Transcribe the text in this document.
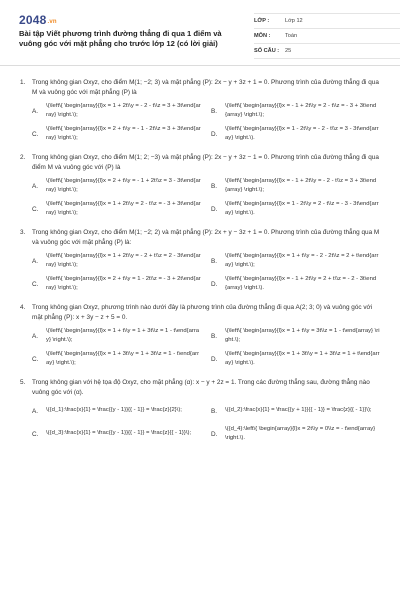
2048.vn
Bài tập Viết phương trình đường thẳng đi qua 1 điểm và vuông góc với mặt phẳng cho trước lớp 12 (có lời giải)
LỚP :	Lớp 12
MÔN :	Toán
SỐ CÂU :	25
1.	Trong không gian Oxyz, cho điểm M(1; −2; 3) và mặt phẳng (P): 2x − y + 3z + 1 = 0. Phương trình của đường thẳng đi qua M và vuông góc với mặt phẳng (P) là
A.
\(\left\{ \begin{array}{l}x = 1 + 2t\\y = - 2 - t\\z = 3 + 3t\end{array} \right.\);
B.
\(\left\{ \begin{array}{l}x = - 1 + 2t\\y = 2 - t\\z = - 3 + 3t\end{array} \right.\);
C.
\(\left\{ \begin{array}{l}x = 2 + t\\y = - 1 - 2t\\z = 3 + 3t\end{array} \right.\);
D.
\(\left\{ \begin{array}{l}x = 1 - 2t\\y = - 2 - t\\z = 3 - 3t\end{array} \right.\).
2.	Trong không gian Oxyz, cho điểm M(1; 2; −3) và mặt phẳng (P): 2x − y + 3z − 1 = 0. Phương trình của đường thẳng đi qua điểm M và vuông góc với (P) là
A.
\(\left\{ \begin{array}{l}x = 2 + t\\y = - 1 + 2t\\z = 3 - 3t\end{array} \right.\);
B.
\(\left\{ \begin{array}{l}x = - 1 + 2t\\y = - 2 - t\\z = 3 + 3t\end{array} \right.\);
C.
\(\left\{ \begin{array}{l}x = 1 + 2t\\y = 2 - t\\z = - 3 + 3t\end{array} \right.\);
D.
\(\left\{ \begin{array}{l}x = 1 - 2t\\y = 2 - t\\z = - 3 - 3t\end{array} \right.\).
3.	Trong không gian Oxyz, cho điểm M(1; −2; 2) và mặt phẳng (P): 2x + y − 3z + 1 = 0. Phương trình của đường thẳng qua M và vuông góc với mặt phẳng (P) là:
A.
\(\left\{ \begin{array}{l}x = 1 + 2t\\y = - 2 + t\\z = 2 - 3t\end{array} \right.\);
B.
\(\left\{ \begin{array}{l}x = 1 + t\\y = - 2 - 2t\\z = 2 + t\end{array} \right.\);
C.
\(\left\{ \begin{array}{l}x = 2 + t\\y = 1 - 2t\\z = - 3 + 2t\end{array} \right.\);
D.
\(\left\{ \begin{array}{l}x = - 1 + 2t\\y = 2 + t\\z = - 2 - 3t\end{array} \right.\).
4.	Trong không gian Oxyz, phương trình nào dưới đây là phương trình của đường thẳng đi qua A(2; 3; 0) và vuông góc với mặt phẳng (P): x + 3y − z + 5 = 0.
A.
\(\left\{ \begin{array}{l}x = 1 + t\\y = 1 + 3t\\z = 1 - t\end{array} \right.\);
B.
\(\left\{ \begin{array}{l}x = 1 + t\\y = 3t\\z = 1 - t\end{array} \right.\);
C.
\(\left\{ \begin{array}{l}x = 1 + 3t\\y = 1 + 3t\\z = 1 - t\end{array} \right.\);
D.
\(\left\{ \begin{array}{l}x = 1 + 3t\\y = 1 + 3t\\z = 1 + t\end{array} \right.\).
5.	Trong không gian với hệ tọa độ Oxyz, cho mặt phẳng (α): x − y + 2z = 1. Trong các đường thẳng sau, đường thẳng nào vuông góc với (α).
A.	\({d_1}:\frac{x}{1} = \frac{{y - 1}}{{ - 1}} = \frac{z}{2}\);	B.	\({d_2}:\frac{x}{1} = \frac{{y + 1}}{{ - 1}} = \frac{z}{{ - 1}}\);
C.	\({d_3}:\frac{x}{1} = \frac{{y - 1}}{{ - 1}} = \frac{z}{{ - 1}}\);	D.
\({d_4}:\left\{ \begin{array}{l}x = 2t\\y = 0\\z = - t\end{array} \right.\).
